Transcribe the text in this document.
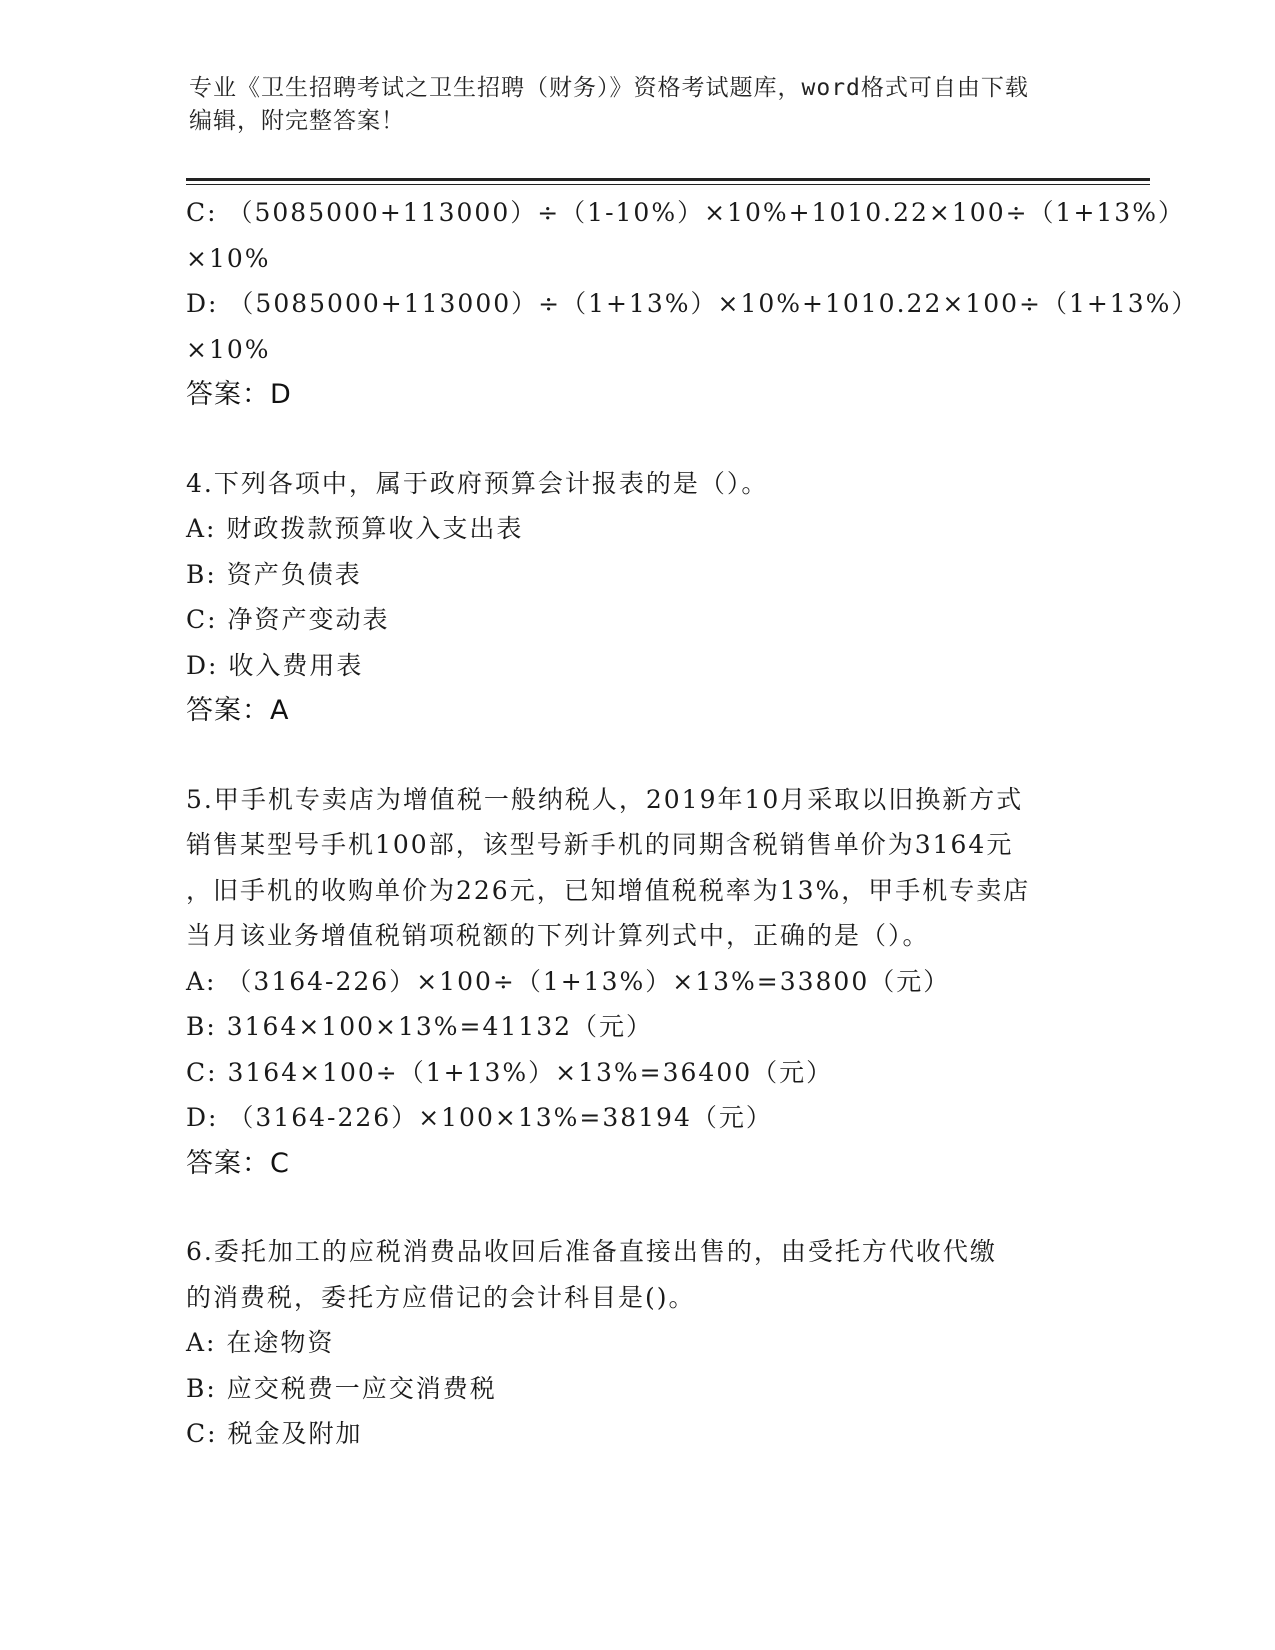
专业《卫生招聘考试之卫生招聘（财务）》资格考试题库，word格式可自由下载
编辑，附完整答案！
C: （5085000+113000）÷（1-10%）×10%+1010.22×100÷（1+13%）
×10%
D: （5085000+113000）÷（1+13%）×10%+1010.22×100÷（1+13%）
×10%
答案：D
4.下列各项中，属于政府预算会计报表的是（）。
A: 财政拨款预算收入支出表
B: 资产负债表
C: 净资产变动表
D: 收入费用表
答案：A
5.甲手机专卖店为增值税一般纳税人，2019年10月采取以旧换新方式
销售某型号手机100部，该型号新手机的同期含税销售单价为3164元
，旧手机的收购单价为226元，已知增值税税率为13%，甲手机专卖店
当月该业务增值税销项税额的下列计算列式中，正确的是（）。
A: （3164-226）×100÷（1+13%）×13%=33800（元）
B: 3164×100×13%=41132（元）
C: 3164×100÷（1+13%）×13%=36400（元）
D: （3164-226）×100×13%=38194（元）
答案：C
6.委托加工的应税消费品收回后准备直接出售的，由受托方代收代缴
的消费税，委托方应借记的会计科目是()。
A: 在途物资
B: 应交税费一应交消费税
C: 税金及附加
